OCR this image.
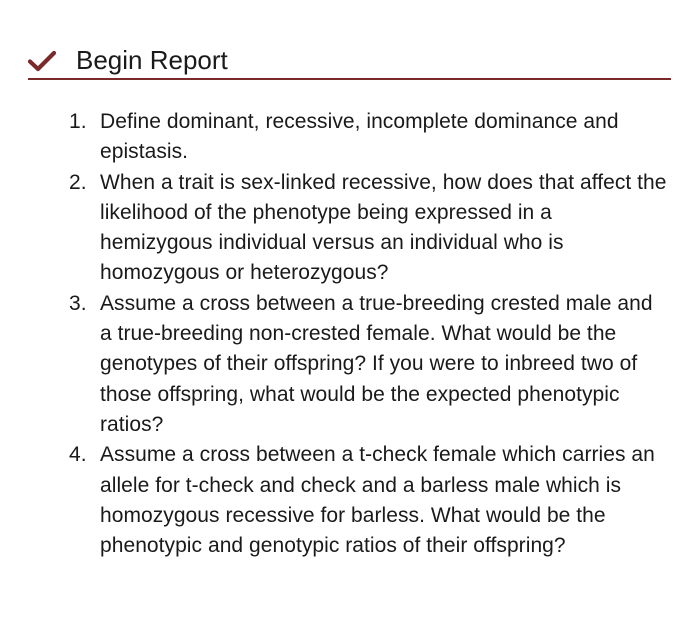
Begin Report
1. Define dominant, recessive, incomplete dominance and epistasis.
2. When a trait is sex-linked recessive, how does that affect the likelihood of the phenotype being expressed in a hemizygous individual versus an individual who is homozygous or heterozygous?
3. Assume a cross between a true-breeding crested male and a true-breeding non-crested female. What would be the genotypes of their offspring? If you were to inbreed two of those offspring, what would be the expected phenotypic ratios?
4. Assume a cross between a t-check female which carries an allele for t-check and check and a barless male which is homozygous recessive for barless. What would be the phenotypic and genotypic ratios of their offspring?
